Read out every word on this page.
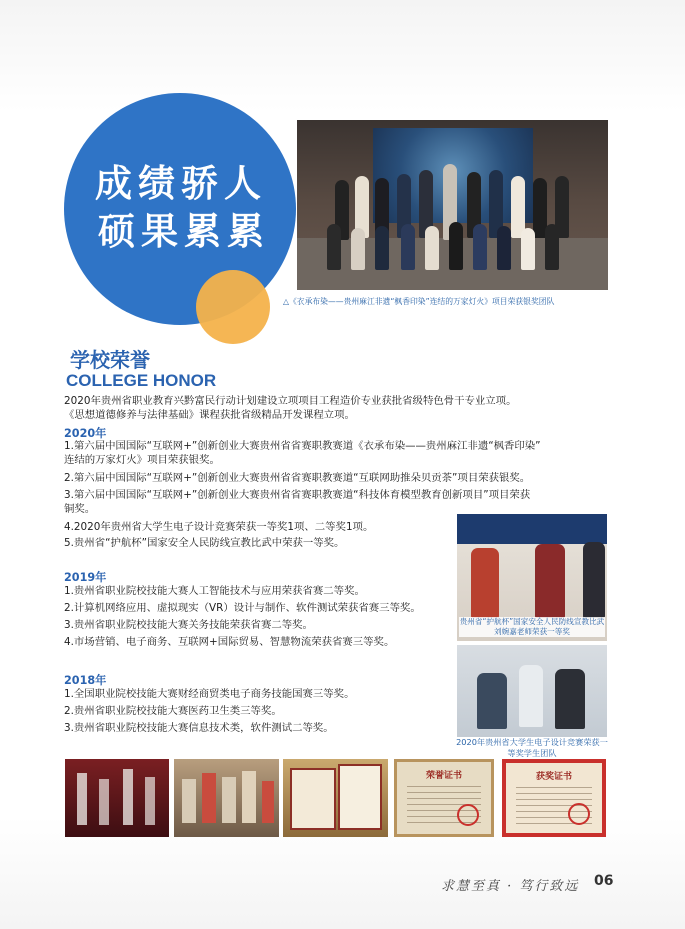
成绩骄人
硕果累累
△《衣承布染——贵州麻江非遗“枫香印染”连结的万家灯火》项目荣获银奖团队
学校荣誉
COLLEGE HONOR
2020年贵州省职业教育兴黔富民行动计划建设立项项目工程造价专业获批省级特色骨干专业立项。
《思想道德修养与法律基础》课程获批省级精品开发课程立项。
2020年
1.第六届中国国际“互联网+”创新创业大赛贵州省省赛职教赛道《衣承布染——贵州麻江非遗“枫香印染”
连结的万家灯火》项目荣获银奖。
2.第六届中国国际“互联网+”创新创业大赛贵州省省赛职教赛道“互联网助推朵贝贡茶”项目荣获银奖。
3.第六届中国国际“互联网+”创新创业大赛贵州省省赛职教赛道“科技体育模型教育创新项目”项目荣获
铜奖。
4.2020年贵州省大学生电子设计竞赛荣获一等奖1项、二等奖1项。
5.贵州省“护航杯”国家安全人民防线宣教比武中荣获一等奖。
2019年
1.贵州省职业院校技能大赛人工智能技术与应用荣获省赛二等奖。
2.计算机网络应用、虚拟现实（VR）设计与制作、软件测试荣获省赛三等奖。
3.贵州省职业院校技能大赛关务技能荣获省赛二等奖。
4.市场营销、电子商务、互联网+国际贸易、智慧物流荣获省赛三等奖。
2018年
1.全国职业院校技能大赛财经商贸类电子商务技能国赛三等奖。
2.贵州省职业院校技能大赛医药卫生类三等奖。
3.贵州省职业院校技能大赛信息技术类，软件测试二等奖。
贵州省“护航杯”国家安全人民防线宣教比武刘婉嘉老师荣获一等奖
2020年贵州省大学生电子设计竞赛荣获一等奖学生团队
荣誉证书	获奖证书
求慧至真 · 笃行致远 06
